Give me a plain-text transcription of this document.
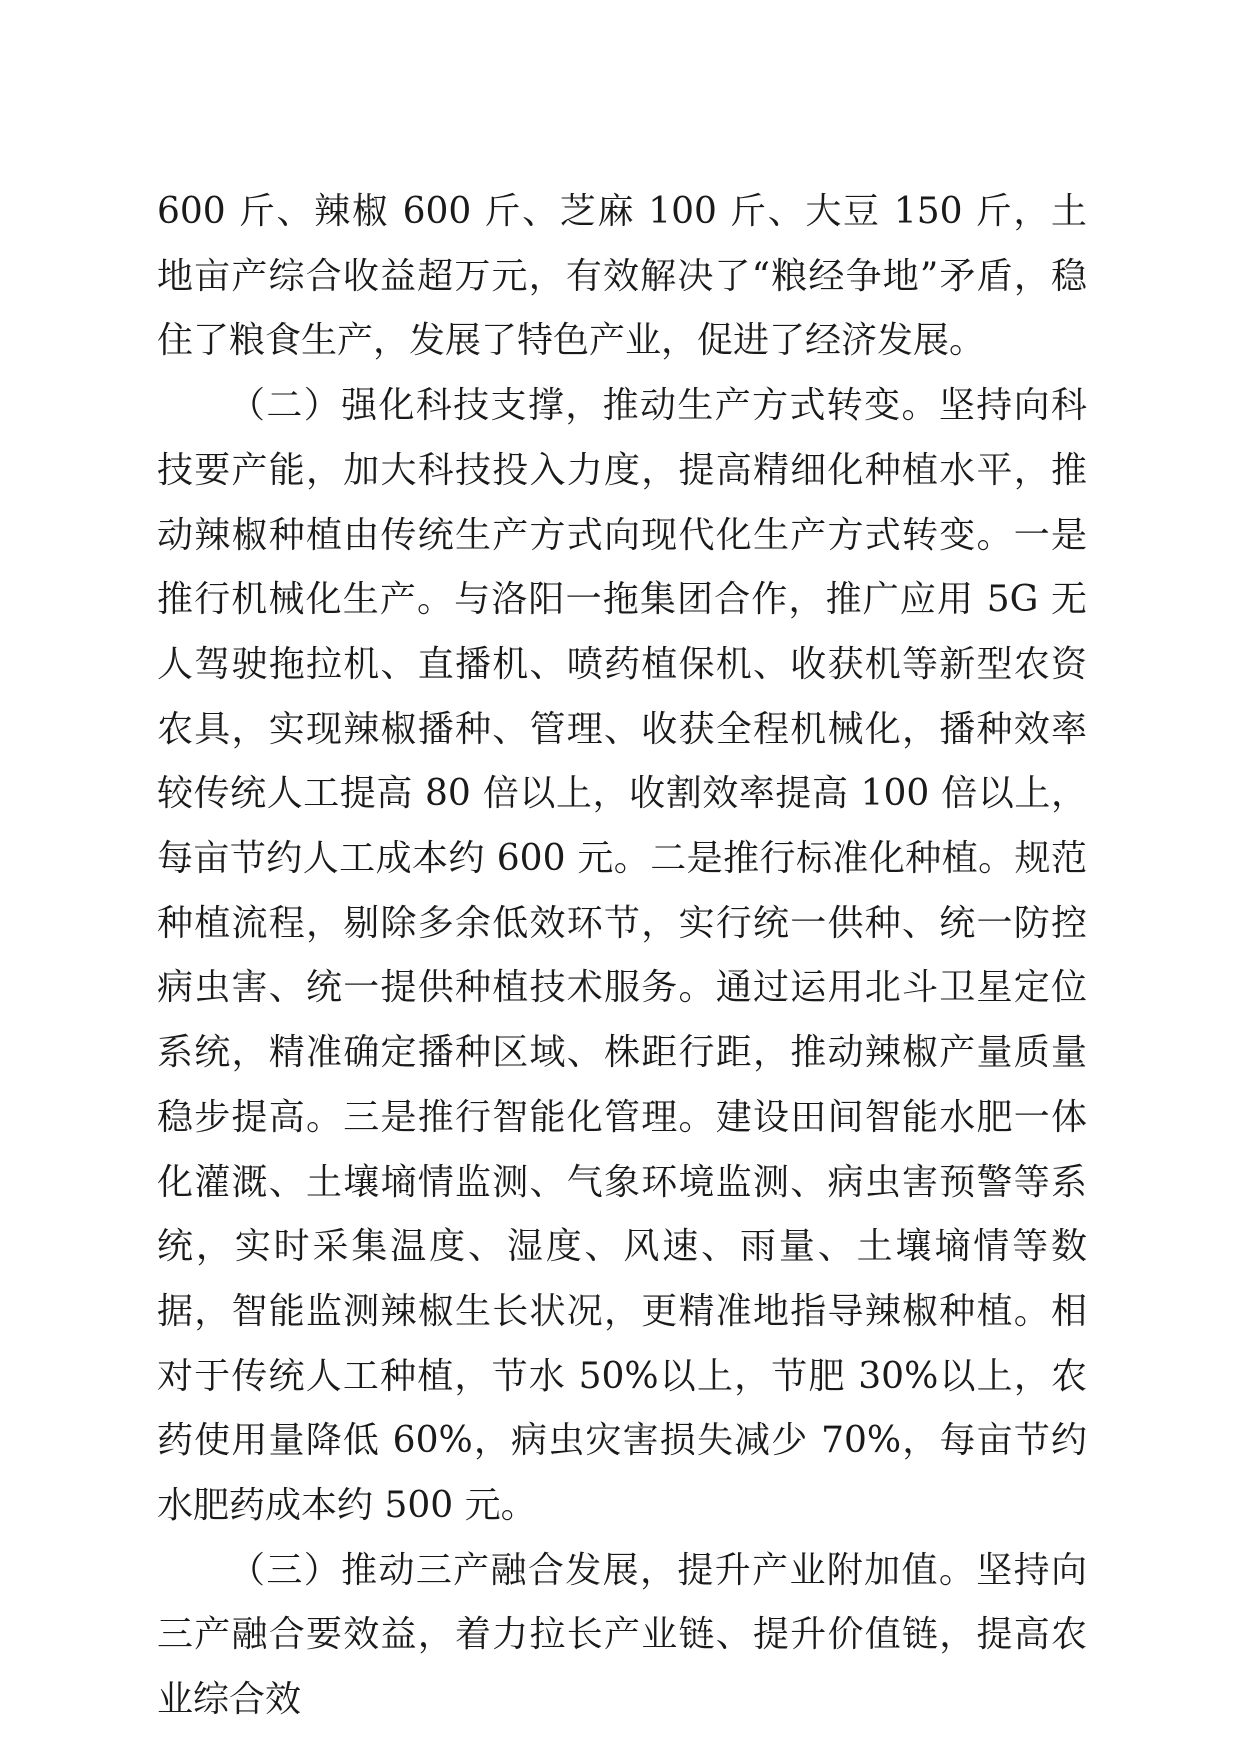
600 斤、辣椒 600 斤、芝麻 100 斤、大豆 150 斤，土地亩产综合收益超万元，有效解决了“粮经争地”矛盾，稳住了粮食生产，发展了特色产业，促进了经济发展。

（二）强化科技支撑，推动生产方式转变。坚持向科技要产能，加大科技投入力度，提高精细化种植水平，推动辣椒种植由传统生产方式向现代化生产方式转变。一是推行机械化生产。与洛阳一拖集团合作，推广应用 5G 无人驾驶拖拉机、直播机、喷药植保机、收获机等新型农资农具，实现辣椒播种、管理、收获全程机械化，播种效率较传统人工提高 80 倍以上，收割效率提高 100 倍以上，每亩节约人工成本约 600 元。二是推行标准化种植。规范种植流程，剔除多余低效环节，实行统一供种、统一防控病虫害、统一提供种植技术服务。通过运用北斗卫星定位系统，精准确定播种区域、株距行距，推动辣椒产量质量稳步提高。三是推行智能化管理。建设田间智能水肥一体化灌溉、土壤墒情监测、气象环境监测、病虫害预警等系统，实时采集温度、湿度、风速、雨量、土壤墒情等数据，智能监测辣椒生长状况，更精准地指导辣椒种植。相对于传统人工种植，节水 50%以上，节肥 30%以上，农药使用量降低 60%，病虫灾害损失减少 70%，每亩节约水肥药成本约 500 元。

（三）推动三产融合发展，提升产业附加值。坚持向三产融合要效益，着力拉长产业链、提升价值链，提高农业综合效
